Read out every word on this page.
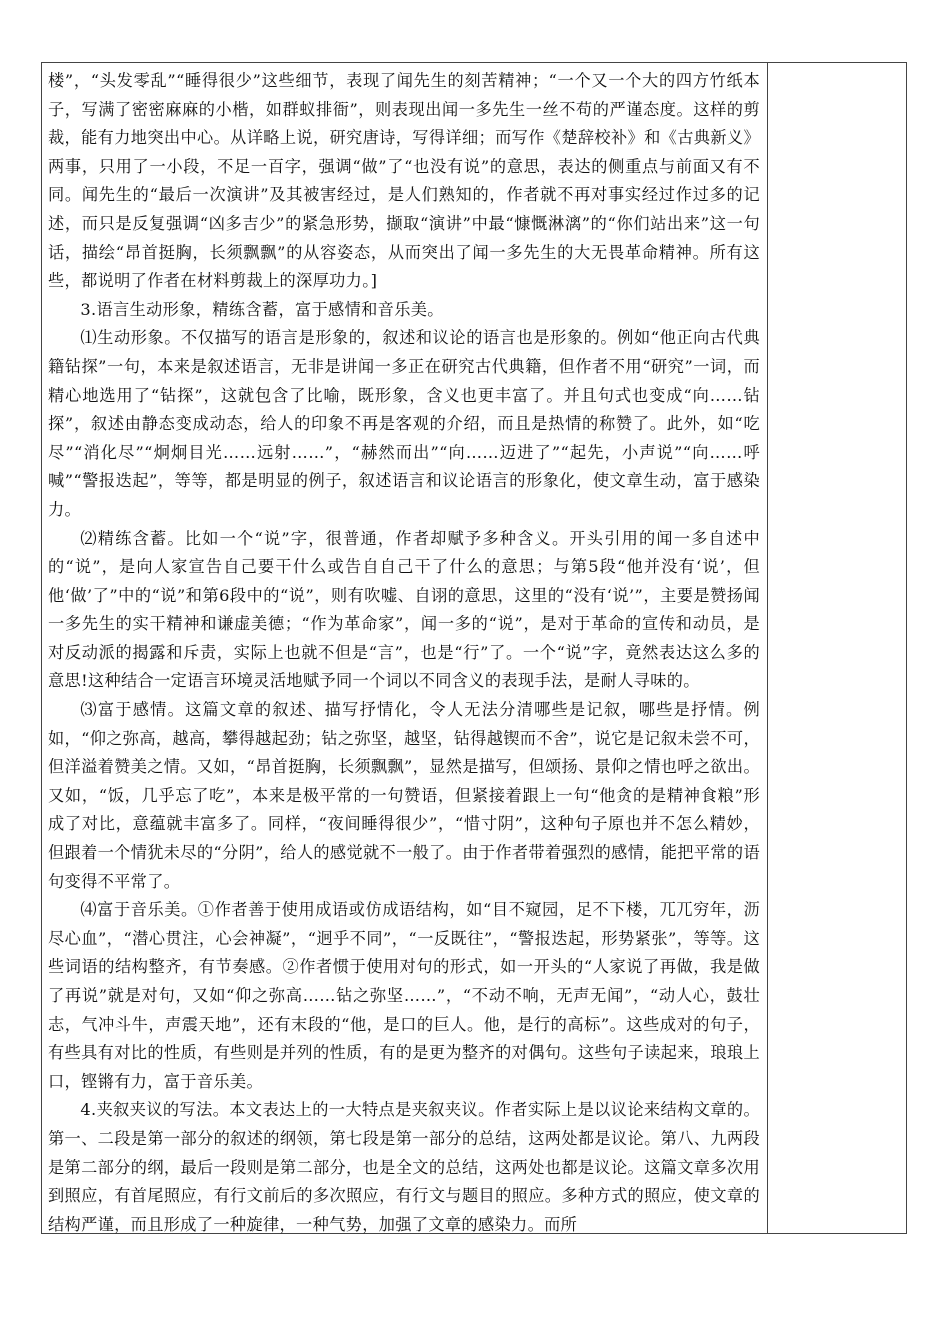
楼”，“头发零乱”“睡得很少”这些细节，表现了闻先生的刻苦精神；“一个又一个大的四方竹纸本子，写满了密密麻麻的小楷，如群蚁排衙”，则表现出闻一多先生一丝不苟的严谨态度。这样的剪裁，能有力地突出中心。从详略上说，研究唐诗，写得详细；而写作《楚辞校补》和《古典新义》两事，只用了一小段，不足一百字，强调“做”了“也没有说”的意思，表达的侧重点与前面又有不同。闻先生的“最后一次演讲”及其被害经过，是人们熟知的，作者就不再对事实经过作过多的记述，而只是反复强调“凶多吉少”的紧急形势，撷取“演讲”中最“慷慨淋漓”的“你们站出来”这一句话，描绘“昂首挺胸，长须飘飘”的从容姿态，从而突出了闻一多先生的大无畏革命精神。所有这些，都说明了作者在材料剪裁上的深厚功力。]

3.语言生动形象，精练含蓄，富于感情和音乐美。

⑴生动形象。不仅描写的语言是形象的，叙述和议论的语言也是形象的。例如“他正向古代典籍钻探”一句，本来是叙述语言，无非是讲闻一多正在研究古代典籍，但作者不用“研究”一词，而精心地选用了“钻探”，这就包含了比喻，既形象，含义也更丰富了。并且句式也变成“向……钻探”，叙述由静态变成动态，给人的印象不再是客观的介绍，而且是热情的称赞了。此外，如“吃尽”“消化尽”“炯炯目光……远射……”，“赫然而出”“向……迈进了”“起先，小声说”“向……呼喊”“警报迭起”，等等，都是明显的例子，叙述语言和议论语言的形象化，使文章生动，富于感染力。

⑵精练含蓄。比如一个“说”字，很普通，作者却赋予多种含义。开头引用的闻一多自述中的“说”，是向人家宣告自己要干什么或告自自己干了什么的意思；与第5段“他并没有‘说’，但他‘做’了”中的“说”和第6段中的“说”，则有吹嘘、自诩的意思，这里的“没有‘说’”，主要是赞扬闻一多先生的实干精神和谦虚美德；“作为革命家”，闻一多的“说”，是对于革命的宣传和动员，是对反动派的揭露和斥责，实际上也就不但是“言”，也是“行”了。一个“说”字，竟然表达这么多的意思!这种结合一定语言环境灵活地赋予同一个词以不同含义的表现手法，是耐人寻味的。

⑶富于感情。这篇文章的叙述、描写抒情化，令人无法分清哪些是记叙，哪些是抒情。例如，“仰之弥高，越高，攀得越起劲；钻之弥坚，越坚，钻得越锲而不舍”，说它是记叙未尝不可，但洋溢着赞美之情。又如，“昂首挺胸，长须飘飘”，显然是描写，但颂扬、景仰之情也呼之欲出。又如，“饭，几乎忘了吃”，本来是极平常的一句赞语，但紧接着跟上一句“他贪的是精神食粮”形成了对比，意蕴就丰富多了。同样，“夜间睡得很少”，“惜寸阴”，这种句子原也并不怎么精妙，但跟着一个情犹未尽的“分阴”，给人的感觉就不一般了。由于作者带着强烈的感情，能把平常的语句变得不平常了。

⑷富于音乐美。①作者善于使用成语或仿成语结构，如“目不窥园，足不下楼，兀兀穷年，沥尽心血”，“潜心贯注，心会神凝”，“迥乎不同”，“一反既往”，“警报迭起，形势紧张”，等等。这些词语的结构整齐，有节奏感。②作者惯于使用对句的形式，如一开头的“人家说了再做，我是做了再说”就是对句，又如“仰之弥高……钻之弥坚……”，“不动不响，无声无闻”，“动人心，鼓壮志，气冲斗牛，声震天地”，还有末段的“他，是口的巨人。他，是行的高标”。这些成对的句子，有些具有对比的性质，有些则是并列的性质，有的是更为整齐的对偶句。这些句子读起来，琅琅上口，铿锵有力，富于音乐美。

4.夹叙夹议的写法。本文表达上的一大特点是夹叙夹议。作者实际上是以议论来结构文章的。第一、二段是第一部分的叙述的纲领，第七段是第一部分的总结，这两处都是议论。第八、九两段是第二部分的纲，最后一段则是第二部分，也是全文的总结，这两处也都是议论。这篇文章多次用到照应，有首尾照应，有行文前后的多次照应，有行文与题目的照应。多种方式的照应，使文章的结构严谨，而且形成了一种旋律，一种气势，加强了文章的感染力。而所
